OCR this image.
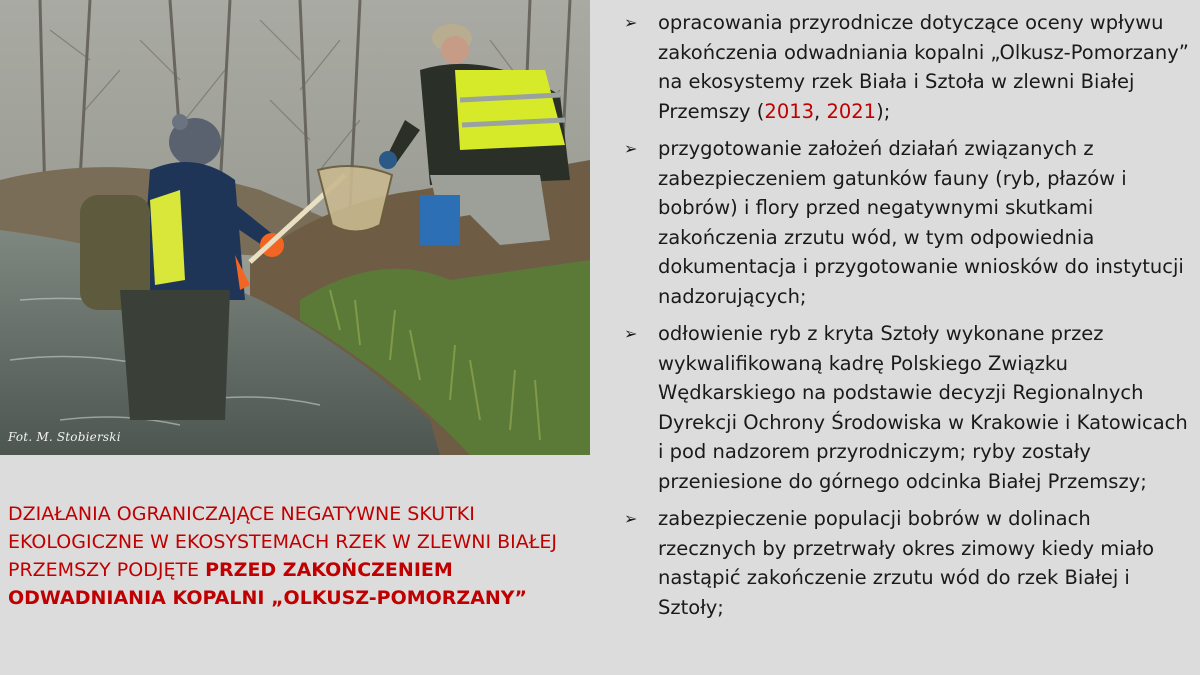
Fot. M. Stobierski
DZIAŁANIA OGRANICZAJĄCE NEGATYWNE SKUTKI EKOLOGICZNE W EKOSYSTEMACH RZEK W ZLEWNI BIAŁEJ PRZEMSZY PODJĘTE PRZED ZAKOŃCZENIEM ODWADNIANIA KOPALNI „OLKUSZ-POMORZANY”
➢ opracowania przyrodnicze dotyczące oceny wpływu zakończenia odwadniania kopalni „Olkusz-Pomorzany” na ekosystemy rzek Biała i Sztoła w zlewni Białej Przemszy (2013, 2021);
➢ przygotowanie założeń działań związanych z zabezpieczeniem gatunków fauny (ryb, płazów i bobrów) i flory przed negatywnymi skutkami zakończenia zrzutu wód, w tym odpowiednia dokumentacja i przygotowanie wniosków do instytucji nadzorujących;
➢ odłowienie ryb z kryta Sztoły wykonane przez wykwalifikowaną kadrę Polskiego Związku Wędkarskiego na podstawie decyzji Regionalnych Dyrekcji Ochrony Środowiska w Krakowie i Katowicach i pod nadzorem przyrodniczym; ryby zostały przeniesione do górnego odcinka Białej Przemszy;
➢ zabezpieczenie populacji bobrów w dolinach rzecznych by przetrwały okres zimowy kiedy miało nastąpić zakończenie zrzutu wód do rzek Białej i Sztoły;
